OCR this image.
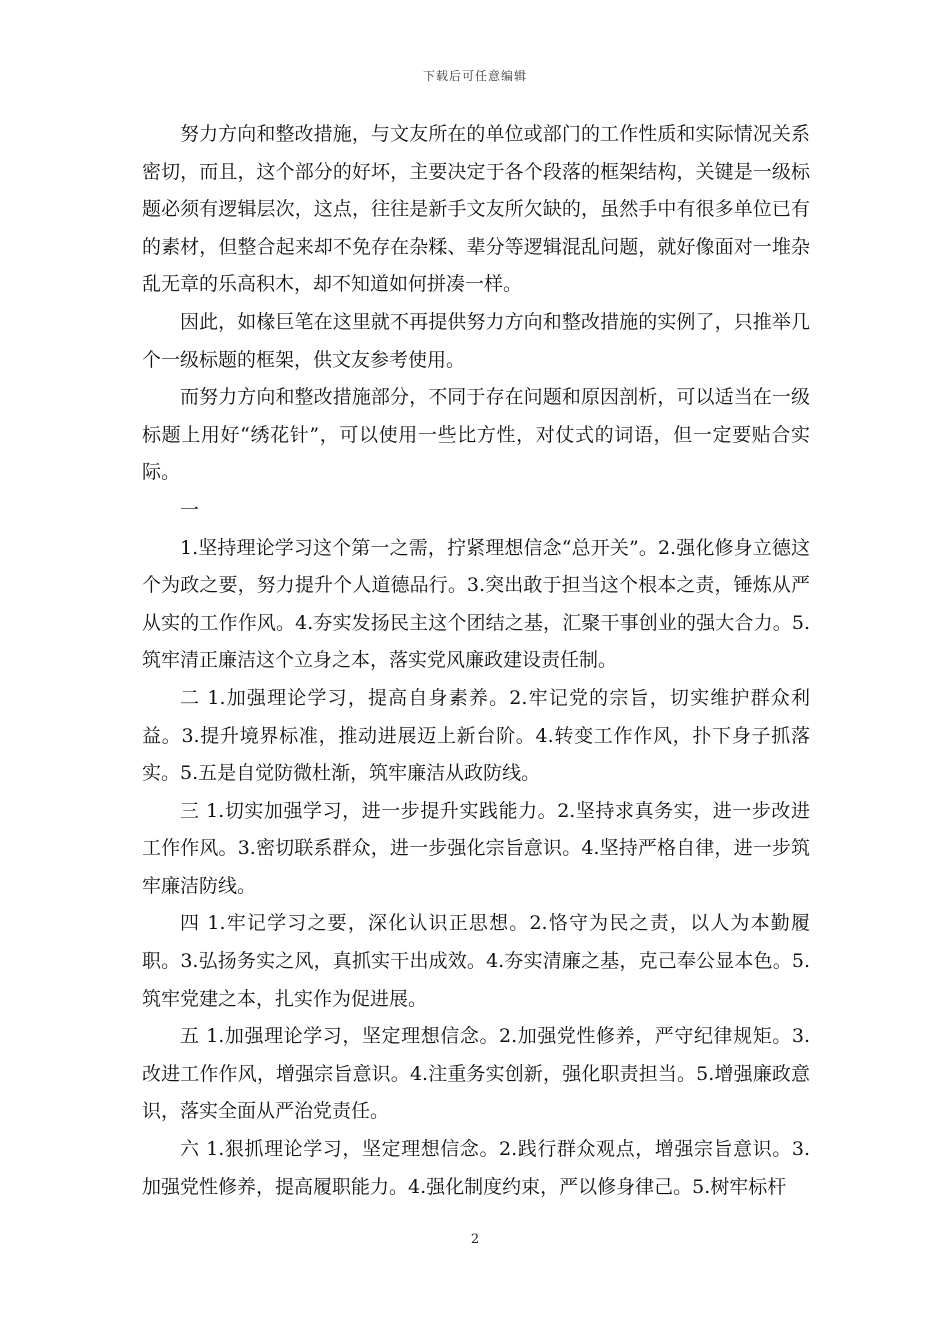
下载后可任意编辑

努力方向和整改措施，与文友所在的单位或部门的工作性质和实际情况关系密切，而且，这个部分的好坏，主要决定于各个段落的框架结构，关键是一级标题必须有逻辑层次，这点，往往是新手文友所欠缺的，虽然手中有很多单位已有的素材，但整合起来却不免存在杂糅、辈分等逻辑混乱问题，就好像面对一堆杂乱无章的乐高积木，却不知道如何拼凑一样。

因此，如椽巨笔在这里就不再提供努力方向和整改措施的实例了，只推举几个一级标题的框架，供文友参考使用。

而努力方向和整改措施部分，不同于存在问题和原因剖析，可以适当在一级标题上用好“绣花针”，可以使用一些比方性，对仗式的词语，但一定要贴合实际。

一

1.坚持理论学习这个第一之需，拧紧理想信念“总开关”。2.强化修身立德这个为政之要，努力提升个人道德品行。3.突出敢于担当这个根本之责，锤炼从严从实的工作作风。4.夯实发扬民主这个团结之基，汇聚干事创业的强大合力。5.筑牢清正廉洁这个立身之本，落实党风廉政建设责任制。

二 1.加强理论学习，提高自身素养。2.牢记党的宗旨，切实维护群众利益。3.提升境界标准，推动进展迈上新台阶。4.转变工作作风，扑下身子抓落实。5.五是自觉防微杜渐，筑牢廉洁从政防线。

三 1.切实加强学习，进一步提升实践能力。2.坚持求真务实，进一步改进工作作风。3.密切联系群众，进一步强化宗旨意识。4.坚持严格自律，进一步筑牢廉洁防线。

四 1.牢记学习之要，深化认识正思想。2.恪守为民之责，以人为本勤履职。3.弘扬务实之风，真抓实干出成效。4.夯实清廉之基，克己奉公显本色。5.筑牢党建之本，扎实作为促进展。

五 1.加强理论学习，坚定理想信念。2.加强党性修养，严守纪律规矩。3.改进工作作风，增强宗旨意识。4.注重务实创新，强化职责担当。5.增强廉政意识，落实全面从严治党责任。

六 1.狠抓理论学习，坚定理想信念。2.践行群众观点，增强宗旨意识。3.加强党性修养，提高履职能力。4.强化制度约束，严以修身律己。5.树牢标杆

2
